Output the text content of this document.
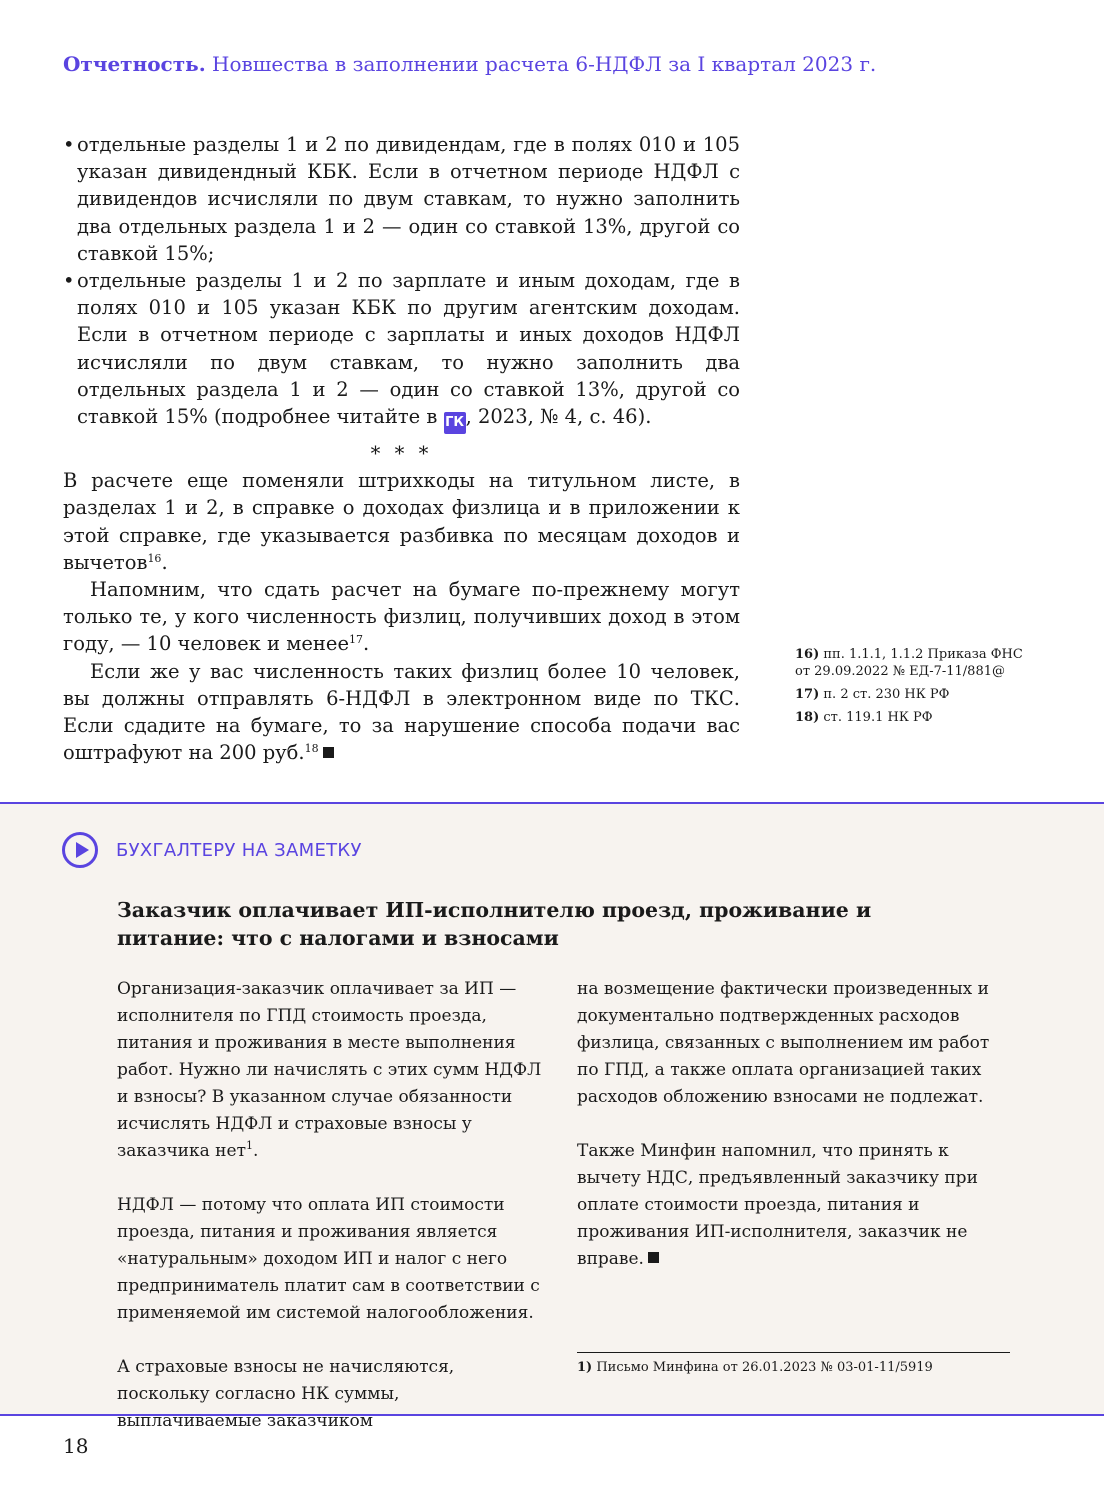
Отчетность. Новшества в заполнении расчета 6-НДФЛ за I квартал 2023 г.
• отдельные разделы 1 и 2 по дивидендам, где в полях 010 и 105 указан дивидендный КБК. Если в отчетном периоде НДФЛ с дивидендов исчисляли по двум ставкам, то нужно заполнить два отдельных раздела 1 и 2 — один со ставкой 13%, другой со ставкой 15%;
• отдельные разделы 1 и 2 по зарплате и иным доходам, где в полях 010 и 105 указан КБК по другим агентским доходам. Если в отчетном периоде с зарплаты и иных доходов НДФЛ исчисляли по двум ставкам, то нужно заполнить два отдельных раздела 1 и 2 — один со ставкой 13%, другой со ставкой 15% (подробнее читайте в ГК, 2023, № 4, с. 46).
* * *

В расчете еще поменяли штрихкоды на титульном листе, в разделах 1 и 2, в справке о доходах физлица и в приложении к этой справке, где указывается разбивка по месяцам доходов и вычетов$^{16}$.

Напомним, что сдать расчет на бумаге по-прежнему могут только те, у кого численность физлиц, получивших доход в этом году, — 10 человек и менее$^{17}$.

Если же у вас численность таких физлиц более 10 человек, вы должны отправлять 6-НДФЛ в электронном виде по ТКС. Если сдадите на бумаге, то за нарушение способа подачи вас оштрафуют на 200 руб.$^{18}$

16) пп. 1.1.1, 1.1.2 Приказа ФНС от 29.09.2022 № ЕД-7-11/881@
17) п. 2 ст. 230 НК РФ
18) ст. 119.1 НК РФ
БУХГАЛТЕРУ НА ЗАМЕТКУ
Заказчик оплачивает ИП-исполнителю проезд, проживание и питание: что с налогами и взносами

Организация-заказчик оплачивает за ИП — исполнителя по ГПД стоимость проезда, питания и проживания в месте выполнения работ. Нужно ли начислять с этих сумм НДФЛ и взносы? В указанном случае обязанности исчислять НДФЛ и страховые взносы у заказчика нет$^1$.

НДФЛ — потому что оплата ИП стоимости проезда, питания и проживания является «натуральным» доходом ИП и налог с него предприниматель платит сам в соответствии с применяемой им системой налогообложения.

А страховые взносы не начисляются, поскольку согласно НК суммы, выплачиваемые заказчиком

на возмещение фактически произведенных и документально подтвержденных расходов физлица, связанных с выполнением им работ по ГПД, а также оплата организацией таких расходов обложению взносами не подлежат.

Также Минфин напомнил, что принять к вычету НДС, предъявленный заказчику при оплате стоимости проезда, питания и проживания ИП-исполнителя, заказчик не вправе.

1) Письмо Минфина от 26.01.2023 № 03-01-11/5919
18
